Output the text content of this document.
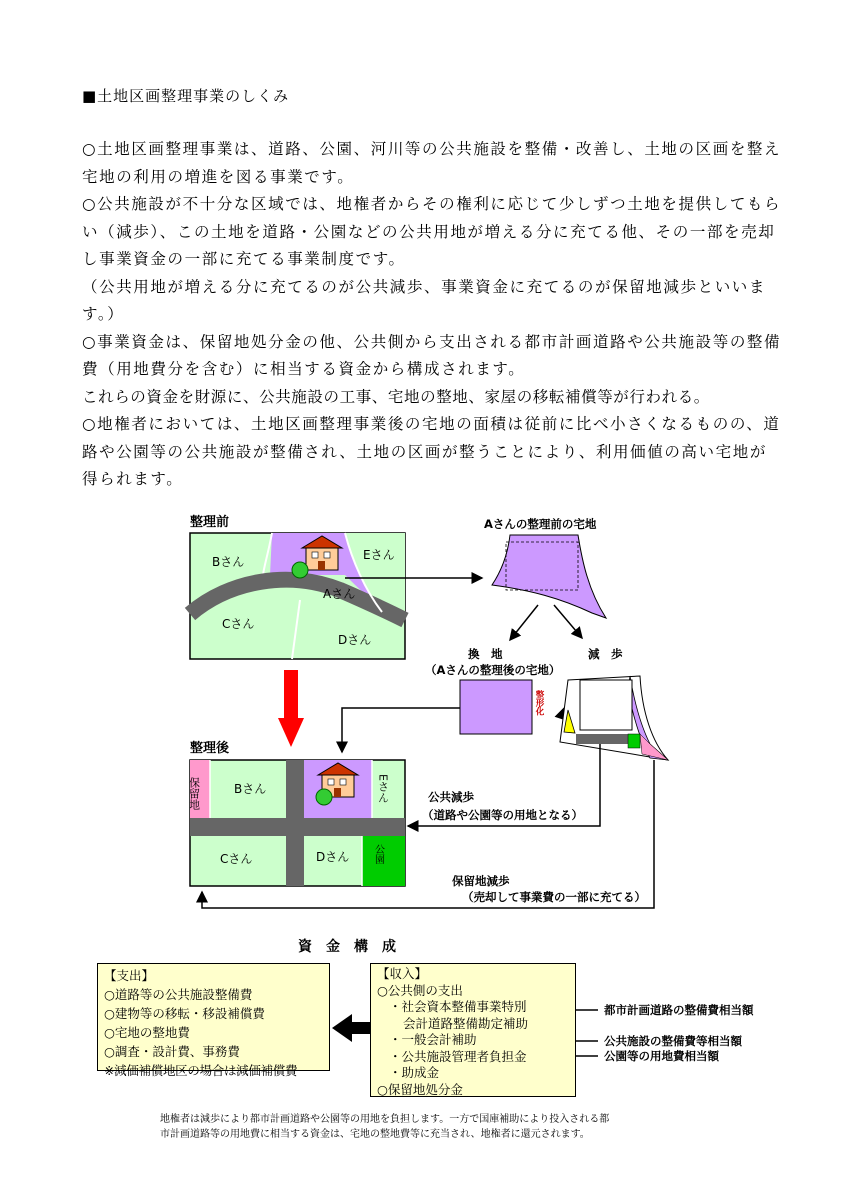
■土地区画整理事業のしくみ

○土地区画整理事業は、道路、公園、河川等の公共施設を整備・改善し、土地の区画を整え宅地の利用の増進を図る事業です。

○公共施設が不十分な区域では、地権者からその権利に応じて少しずつ土地を提供してもらい（減歩）、この土地を道路・公園などの公共用地が増える分に充てる他、その一部を売却し事業資金の一部に充てる事業制度です。

（公共用地が増える分に充てるのが公共減歩、事業資金に充てるのが保留地減歩といいます。）

○事業資金は、保留地処分金の他、公共側から支出される都市計画道路や公共施設等の整備費（用地費分を含む）に相当する資金から構成されます。

これらの資金を財源に、公共施設の工事、宅地の整地、家屋の移転補償等が行われる。

○地権者においては、土地区画整理事業後の宅地の面積は従前に比べ小さくなるものの、道路や公園等の公共施設が整備され、土地の区画が整うことにより、利用価値の高い宅地が得られます。

整理前
Bさん	Eさん
Aさん
Cさん
Dさん
Aさんの整理前の宅地
換　地	減　歩
（Aさんの整理後の宅地）
整形化
整理後
保留地	Bさん	Eさん
Cさん	Dさん 公園
公共減歩
（道路や公園等の用地となる）
保留地減歩
（売却して事業費の一部に充てる）
資　金　構　成
都市計画道路の整備費相当額
公共施設の整備費等相当額
公園等の用地費相当額
【支出】
○道路等の公共施設整備費
○建物等の移転・移設補償費
○宅地の整地費
○調査・設計費、事務費
※減価補償地区の場合は減価補償費
【収入】
○公共側の支出
・社会資本整備事業特別
会計道路整備勘定補助
・一般会計補助
・公共施設管理者負担金
・助成金
○保留地処分金
地権者は減歩により都市計画道路や公園等の用地を負担します。一方で国庫補助により投入される都
市計画道路等の用地費に相当する資金は、宅地の整地費等に充当され、地権者に還元されます。
